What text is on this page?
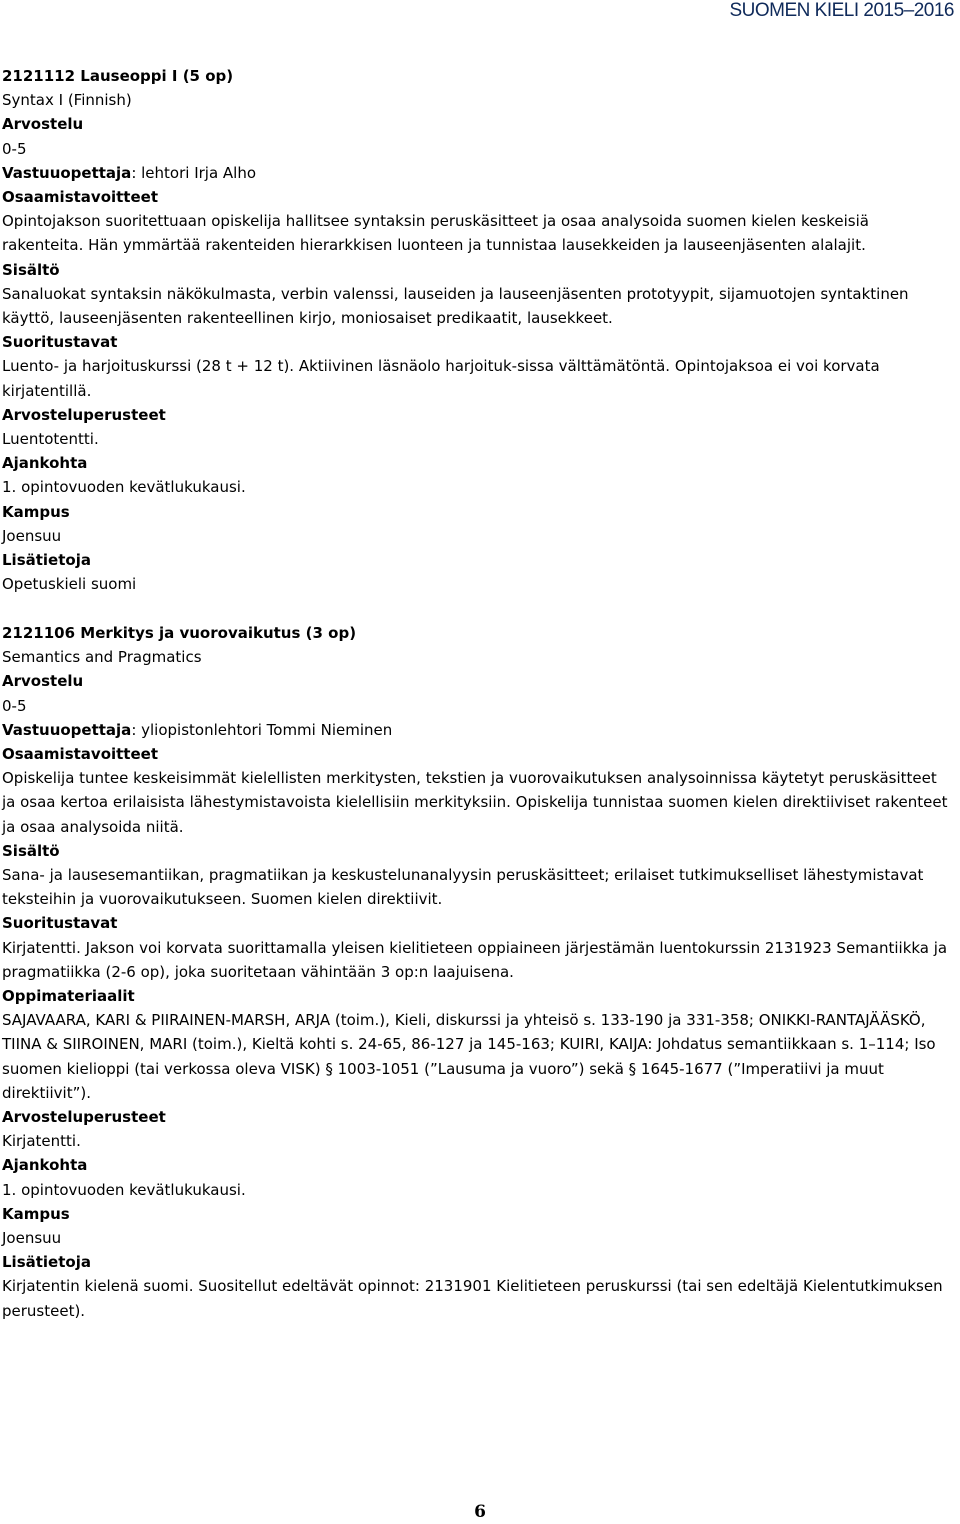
SUOMEN KIELI 2015–2016

2121112 Lauseoppi I (5 op)

Syntax I (Finnish)

Arvostelu

0-5

Vastuuopettaja: lehtori Irja Alho

Osaamistavoitteet

Opintojakson suoritettuaan opiskelija hallitsee syntaksin peruskäsitteet ja osaa analysoida suomen kielen keskeisiä rakenteita. Hän ymmärtää rakenteiden hierarkkisen luonteen ja tunnistaa lausekkeiden ja lauseenjäsenten alalajit.

Sisältö

Sanaluokat syntaksin näkökulmasta, verbin valenssi, lauseiden ja lauseenjäsenten prototyypit, sijamuotojen syntaktinen käyttö, lauseenjäsenten rakenteellinen kirjo, moniosaiset predikaatit, lausekkeet.

Suoritustavat

Luento- ja harjoituskurssi (28 t + 12 t). Aktiivinen läsnäolo harjoituk-sissa välttämätöntä. Opintojaksoa ei voi korvata kirjatentillä.

Arvosteluperusteet

Luentotentti.

Ajankohta

1. opintovuoden kevätlukukausi.

Kampus

Joensuu

Lisätietoja

Opetuskieli suomi

2121106 Merkitys ja vuorovaikutus (3 op)

Semantics and Pragmatics

Arvostelu

0-5

Vastuuopettaja: yliopistonlehtori Tommi Nieminen

Osaamistavoitteet

Opiskelija tuntee keskeisimmät kielellisten merkitysten, tekstien ja vuorovaikutuksen analysoinnissa käytetyt peruskäsitteet ja osaa kertoa erilaisista lähestymistavoista kielellisiin merkityksiin. Opiskelija tunnistaa suomen kielen direktiiviset rakenteet ja osaa analysoida niitä.

Sisältö

Sana- ja lausesemantiikan, pragmatiikan ja keskustelunanalyysin peruskäsitteet; erilaiset tutkimukselliset lähestymistavat teksteihin ja vuorovaikutukseen. Suomen kielen direktiivit.

Suoritustavat

Kirjatentti. Jakson voi korvata suorittamalla yleisen kielitieteen oppiaineen järjestämän luentokurssin 2131923 Semantiikka ja pragmatiikka (2-6 op), joka suoritetaan vähintään 3 op:n laajuisena.

Oppimateriaalit

SAJAVAARA, KARI & PIIRAINEN-MARSH, ARJA (toim.), Kieli, diskurssi ja yhteisö s. 133-190 ja 331-358; ONIKKI-RANTAJÄÄSKÖ, TIINA & SIIROINEN, MARI (toim.), Kieltä kohti s. 24-65, 86-127 ja 145-163; KUIRI, KAIJA: Johdatus semantiikkaan s. 1–114; Iso suomen kielioppi (tai verkossa oleva VISK) § 1003-1051 (”Lausuma ja vuoro”) sekä § 1645-1677 (”Imperatiivi ja muut direktiivit”).

Arvosteluperusteet

Kirjatentti.

Ajankohta

1. opintovuoden kevätlukukausi.

Kampus

Joensuu

Lisätietoja

Kirjatentin kielenä suomi. Suositellut edeltävät opinnot: 2131901 Kielitieteen peruskurssi (tai sen edeltäjä Kielentutkimuksen perusteet).

6
